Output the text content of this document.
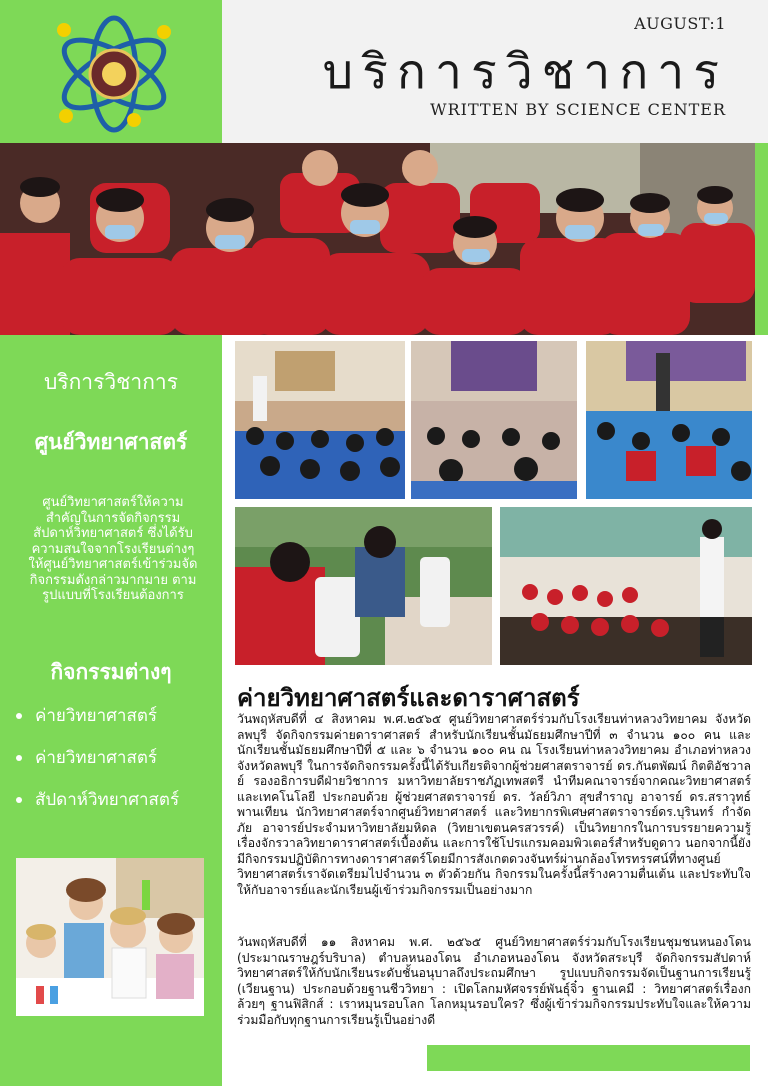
AUGUST:1
บริการวิชาการ
WRITTEN BY SCIENCE CENTER
บริการวิชาการ
ศูนย์วิทยาศาสตร์
ศูนย์วิทยาศาสตร์ให้ความสำคัญในการจัดกิจกรรมสัปดาห์วิทยาศาสตร์ ซึ่งได้รับความสนใจจากโรงเรียนต่างๆ ให้ศูนย์วิทยาศาสตร์เข้าร่วมจัดกิจกรรมดังกล่าวมากมาย ตามรูปแบบที่โรงเรียนต้องการ
กิจกรรมต่างๆ
ค่ายวิทยาศาสตร์
ค่ายวิทยาศาสตร์
สัปดาห์วิทยาศาสตร์
ค่ายวิทยาศาสตร์และดาราศาสตร์
วันพฤหัสบดีที่ ๔ สิงหาคม พ.ศ.๒๕๖๕ ศูนย์วิทยาศาสตร์ร่วมกับโรงเรียนท่าหลวงวิทยาคม จังหวัดลพบุรี จัดกิจกรรมค่ายดาราศาสตร์ สำหรับนักเรียนชั้นมัธยมศึกษาปีที่ ๓ จำนวน ๑๐๐ คน และนักเรียนชั้นมัธยมศึกษาปีที่ ๕ และ ๖ จำนวน ๑๐๐ คน ณ โรงเรียนท่าหลวงวิทยาคม อำเภอท่าหลวง จังหวัดลพบุรี ในการจัดกิจกรรมครั้งนี้ได้รับเกียรติจากผู้ช่วยศาสตราจารย์ ดร.กันตพัฒน์ กิตติอัชวาลย์ รองอธิการบดีฝ่ายวิชาการ มหาวิทยาลัยราชภัฏเทพสตรี นำทีมคณาจารย์จากคณะวิทยาศาสตร์และเทคโนโลยี ประกอบด้วย ผู้ช่วยศาสตราจารย์ ดร. วัลย์วิภา สุขสำราญ อาจารย์ ดร.สราวุทธ์ พานเทียน นักวิทยาศาสตร์จากศูนย์วิทยาศาสตร์ และวิทยากรพิเศษศาสตราจารย์ดร.บุรินทร์ กำจัดภัย อาจารย์ประจำมหาวิทยาลัยมหิดล (วิทยาเขตนครสวรรค์) เป็นวิทยากรในการบรรยายความรู้เรื่องจักรวาลวิทยาดาราศาสตร์เบื้องต้น และการใช้โปรแกรมคอมพิวเตอร์สำหรับดูดาว นอกจากนี้ยังมีกิจกรรมปฏิบัติการทางดาราศาสตร์โดยมีการสังเกตดวงจันทร์ผ่านกล้องโทรทรรศน์ที่ทางศูนย์วิทยาศาสตร์เราจัดเตรียมไปจำนวน ๓ ตัวด้วยกัน กิจกรรมในครั้งนี้สร้างความตื่นเต้น และประทับใจให้กับอาจารย์และนักเรียนผู้เข้าร่วมกิจกรรมเป็นอย่างมาก
วันพฤหัสบดีที่ ๑๑ สิงหาคม พ.ศ. ๒๕๖๕ ศูนย์วิทยาศาสตร์ร่วมกับโรงเรียนชุมชนหนองโดน (ประมาณราษฎร์บริบาล) ตำบลหนองโดน อำเภอหนองโดน จังหวัดสระบุรี จัดกิจกรรมสัปดาห์วิทยาศาสตร์ให้กับนักเรียนระดับชั้นอนุบาลถึงประถมศึกษา รูปแบบกิจกรรมจัดเป็นฐานการเรียนรู้ (เวียนฐาน) ประกอบด้วยฐานชีววิทยา : เปิดโลกมหัศจรรย์พันธุ์จิ๋ว ฐานเคมี : วิทยาศาสตร์เรื่องกล้วยๆ ฐานฟิสิกส์ : เราหมุนรอบโลก โลกหมุนรอบใคร? ซึ่งผู้เข้าร่วมกิจกรรมประทับใจและให้ความร่วมมือกับทุกฐานการเรียนรู้เป็นอย่างดี
